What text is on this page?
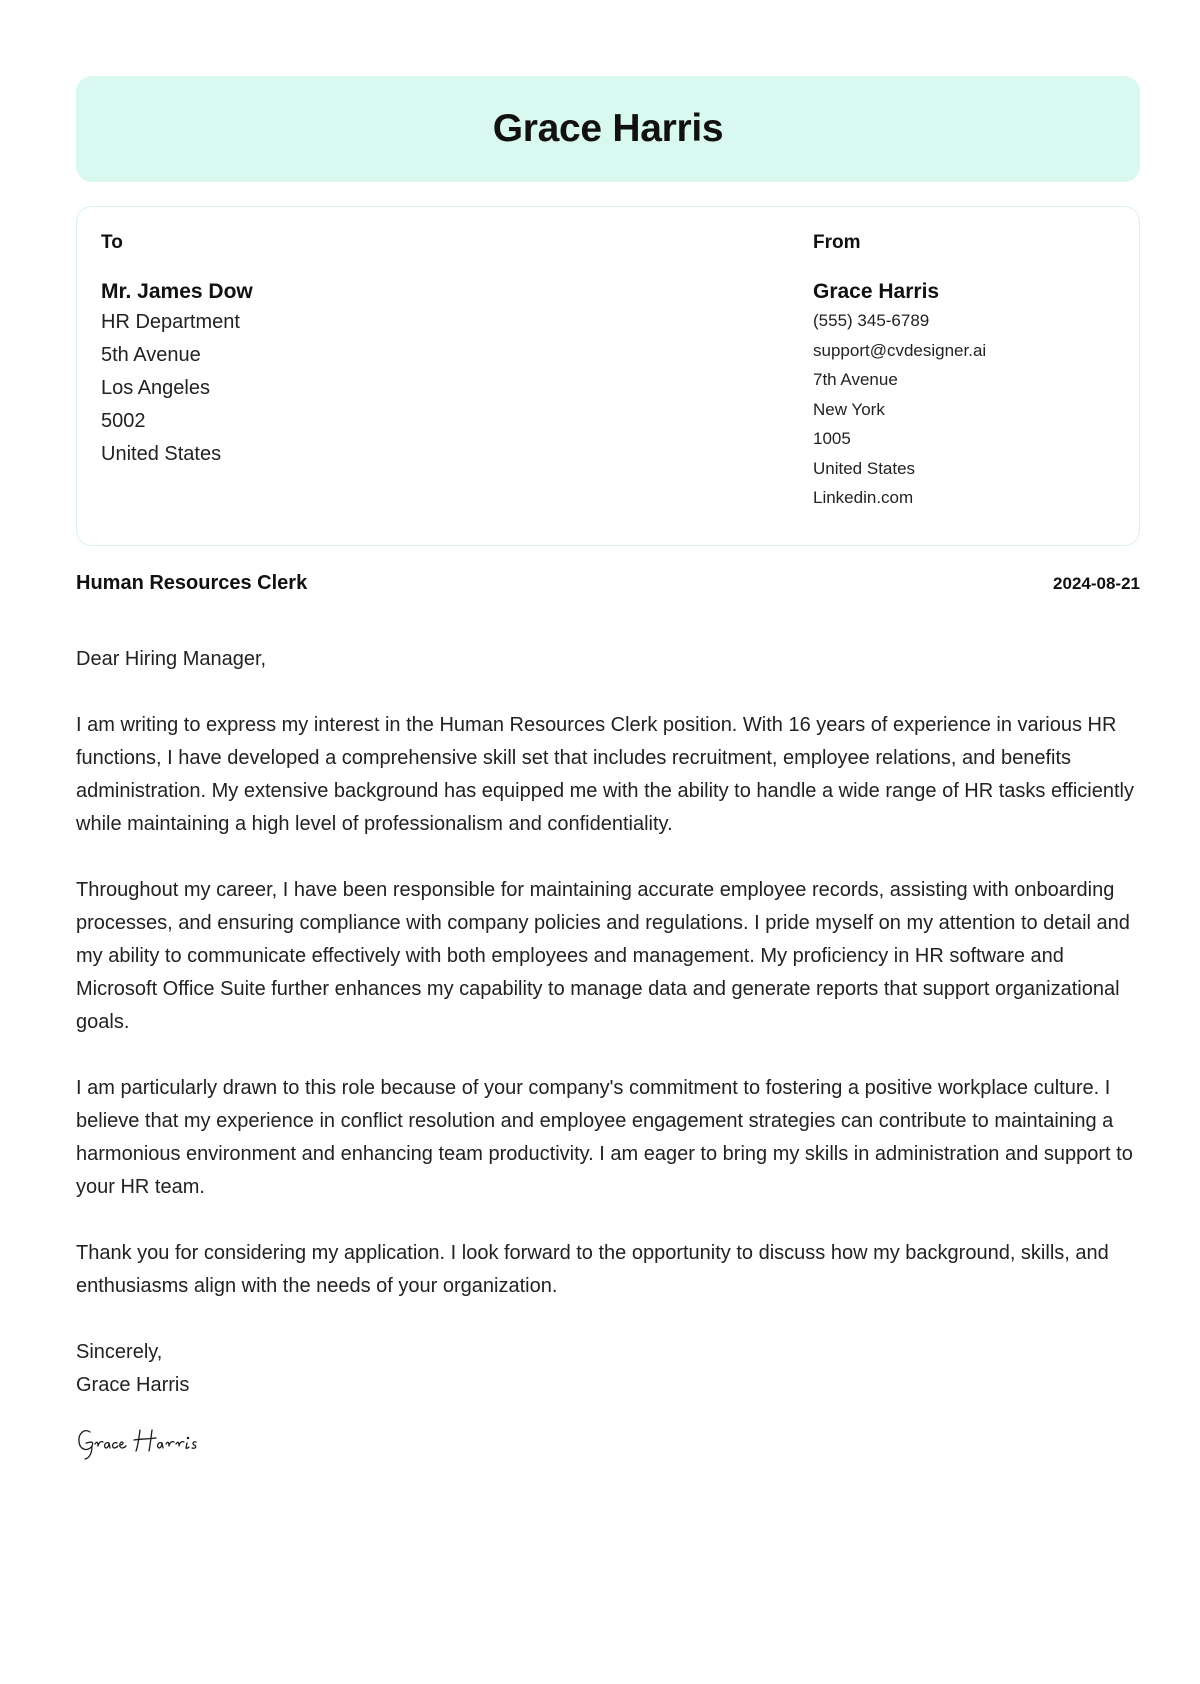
Grace Harris
To
Mr. James Dow
HR Department
5th Avenue
Los Angeles
5002
United States
From
Grace Harris
(555) 345-6789
support@cvdesigner.ai
7th Avenue
New York
1005
United States
Linkedin.com
Human Resources Clerk	2024-08-21

Dear Hiring Manager,

I am writing to express my interest in the Human Resources Clerk position. With 16 years of experience in various HR functions, I have developed a comprehensive skill set that includes recruitment, employee relations, and benefits administration. My extensive background has equipped me with the ability to handle a wide range of HR tasks efficiently while maintaining a high level of professionalism and confidentiality.

Throughout my career, I have been responsible for maintaining accurate employee records, assisting with onboarding processes, and ensuring compliance with company policies and regulations. I pride myself on my attention to detail and my ability to communicate effectively with both employees and management. My proficiency in HR software and Microsoft Office Suite further enhances my capability to manage data and generate reports that support organizational goals.

I am particularly drawn to this role because of your company's commitment to fostering a positive workplace culture. I believe that my experience in conflict resolution and employee engagement strategies can contribute to maintaining a harmonious environment and enhancing team productivity. I am eager to bring my skills in administration and support to your HR team.

Thank you for considering my application. I look forward to the opportunity to discuss how my background, skills, and enthusiasms align with the needs of your organization.

Sincerely,
Grace Harris
